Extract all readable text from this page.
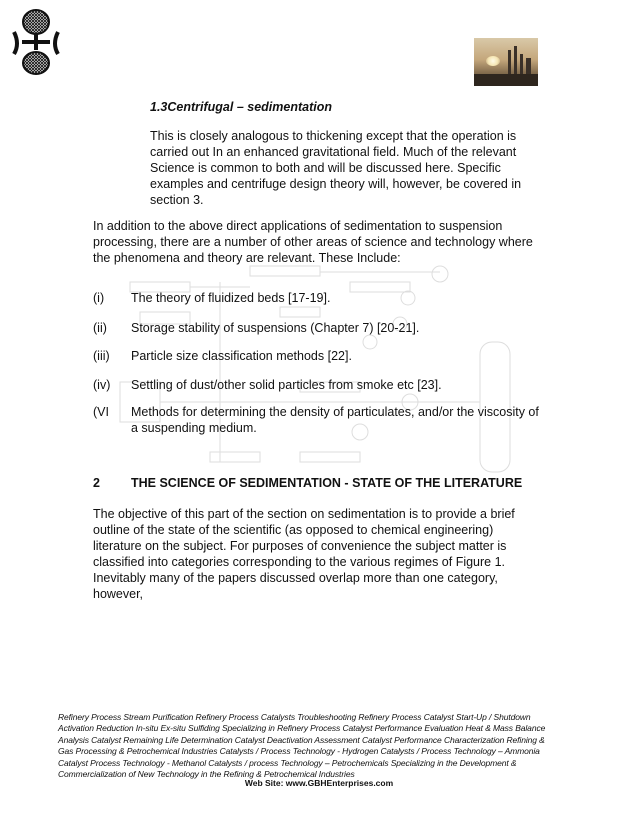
1.3Centrifugal – sedimentation
This is closely analogous to thickening except that the operation is carried out In an enhanced gravitational field. Much of the relevant Science is common to both and will be discussed here. Specific examples and centrifuge design theory will, however, be covered in section 3.
In addition to the above direct applications of sedimentation to suspension processing, there are a number of other areas of science and technology where the phenomena and theory are relevant. These Include:
(i) The theory of fluidized beds [17-19].
(ii) Storage stability of suspensions (Chapter 7) [20-21].
(iii) Particle size classification methods [22].
(iv) Settling of dust/other solid particles from smoke etc [23].
(VI Methods for determining the density of particulates, and/or the viscosity of a suspending medium.
2 THE SCIENCE OF SEDIMENTATION - STATE OF THE LITERATURE
The objective of this part of the section on sedimentation is to provide a brief outline of the state of the scientific (as opposed to chemical engineering) literature on the subject. For purposes of convenience the subject matter is classified into categories corresponding to the various regimes of Figure 1. Inevitably many of the papers discussed overlap more than one category, however,
Refinery Process Stream Purification Refinery Process Catalysts Troubleshooting Refinery Process Catalyst Start-Up / Shutdown Activation Reduction In-situ Ex-situ Sulfiding Specializing in Refinery Process Catalyst Performance Evaluation Heat & Mass Balance Analysis Catalyst Remaining Life Determination Catalyst Deactivation Assessment Catalyst Performance Characterization Refining & Gas Processing & Petrochemical Industries Catalysts / Process Technology - Hydrogen Catalysts / Process Technology – Ammonia Catalyst Process Technology - Methanol Catalysts / process Technology – Petrochemicals Specializing in the Development & Commercialization of New Technology in the Refining & Petrochemical Industries
Web Site: www.GBHEnterprises.com
